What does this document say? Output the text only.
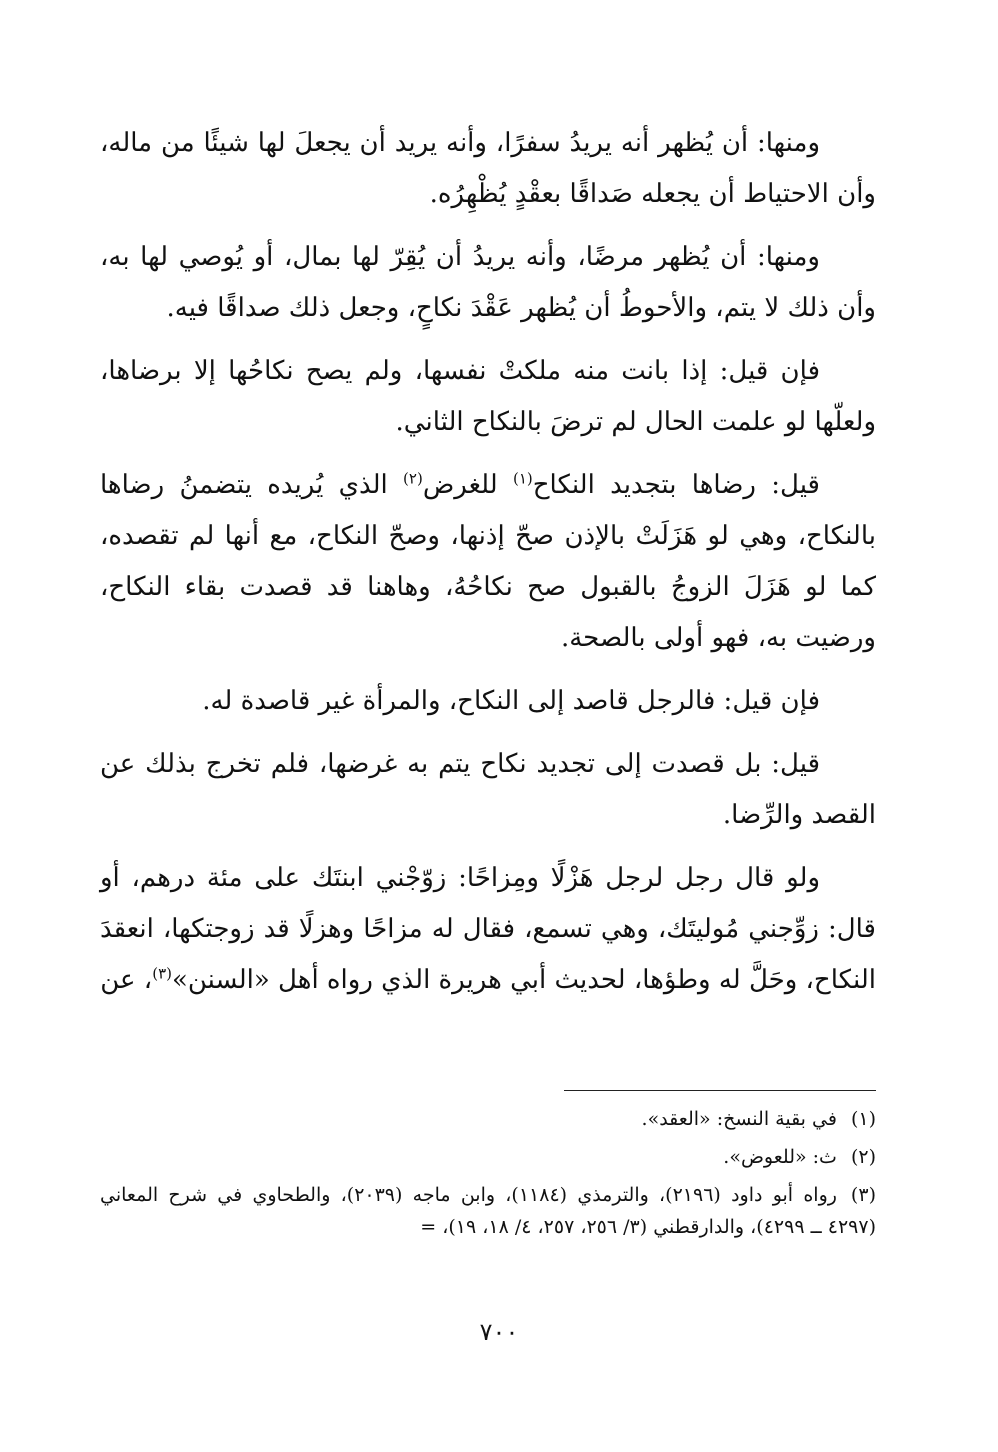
ومنها: أن يُظهر أنه يريدُ سفرًا، وأنه يريد أن يجعلَ لها شيئًا من ماله، وأن الاحتياط أن يجعله صَداقًا بعقْدٍ يُظْهِرُه.

ومنها: أن يُظهر مرضًا، وأنه يريدُ أن يُقِرّ لها بمال، أو يُوصي لها به، وأن ذلك لا يتم، والأحوطُ أن يُظهر عَقْدَ نكاحٍ، وجعل ذلك صداقًا فيه.

فإن قيل: إذا بانت منه ملكتْ نفسها، ولم يصح نكاحُها إلا برضاها، ولعلّها لو علمت الحال لم ترضَ بالنكاح الثاني.

قيل: رضاها بتجديد النكاح$^{(١)}$ للغرض$^{(٢)}$ الذي يُريده يتضمنُ رضاها بالنكاح، وهي لو هَزَلَتْ بالإذن صحّ إذنها، وصحّ النكاح، مع أنها لم تقصده، كما لو هَزَلَ الزوجُ بالقبول صح نكاحُهُ، وهاهنا قد قصدت بقاء النكاح، ورضيت به، فهو أولى بالصحة.

فإن قيل: فالرجل قاصد إلى النكاح، والمرأة غير قاصدة له.

قيل: بل قصدت إلى تجديد نكاح يتم به غرضها، فلم تخرج بذلك عن القصد والرِّضا.

ولو قال رجل لرجل هَزْلًا ومِزاحًا: زوّجْني ابنتَك على مئة درهم، أو قال: زوِّجني مُوليتَك، وهي تسمع، فقال له مزاحًا وهزلًا قد زوجتكها، انعقدَ النكاح، وحَلَّ له وطؤها، لحديث أبي هريرة الذي رواه أهل «السنن»$^{(٣)}$، عن

(١)في بقية النسخ: «العقد».

(٢)ث: «للعوض».

(٣)رواه أبو داود (٢١٩٦)، والترمذي (١١٨٤)، وابن ماجه (٢٠٣٩)، والطحاوي في شرح المعاني (٤٢٩٧ ــ ٤٢٩٩)، والدارقطني (٣/ ٢٥٦، ٢٥٧، ٤/ ١٨، ١٩)، =

٧٠٠
